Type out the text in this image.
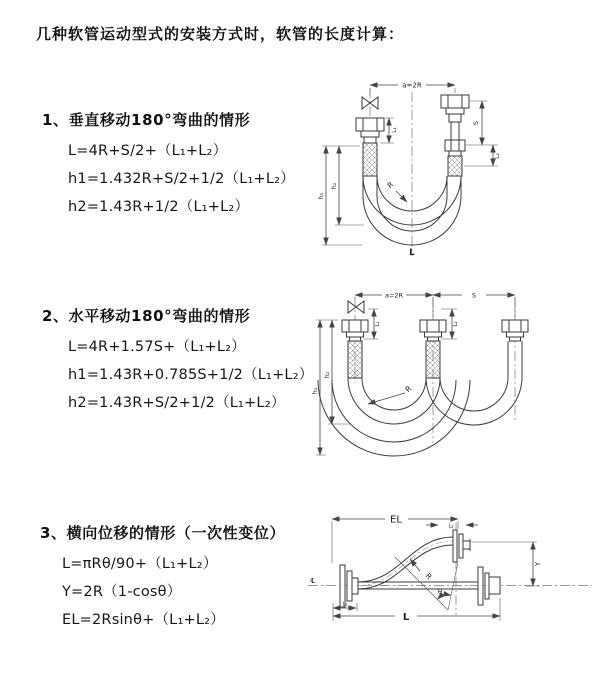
几种软管运动型式的安装方式时，软管的长度计算：
1、垂直移动180°弯曲的情形
L=4R+S/2+（L₁+L₂）
h1=1.432R+S/2+1/2（L₁+L₂）
h2=1.43R+1/2（L₁+L₂）
2、水平移动180°弯曲的情形
L=4R+1.57S+（L₁+L₂）
h1=1.43R+0.785S+1/2（L₁+L₂）
h2=1.43R+S/2+1/2（L₁+L₂）
3、横向位移的情形（一次性变位）
L=πRθ/90+（L₁+L₂）
Y=2R（1-cosθ）
EL=2Rsinθ+（L₁+L₂）
a=2R
h₁
h₂
L₁
S
L₂
R
L
a=2R	S
h₁
h₂
L₁	L₂
R
℄
θ
R
EL
L₂
Y
L₁
L
